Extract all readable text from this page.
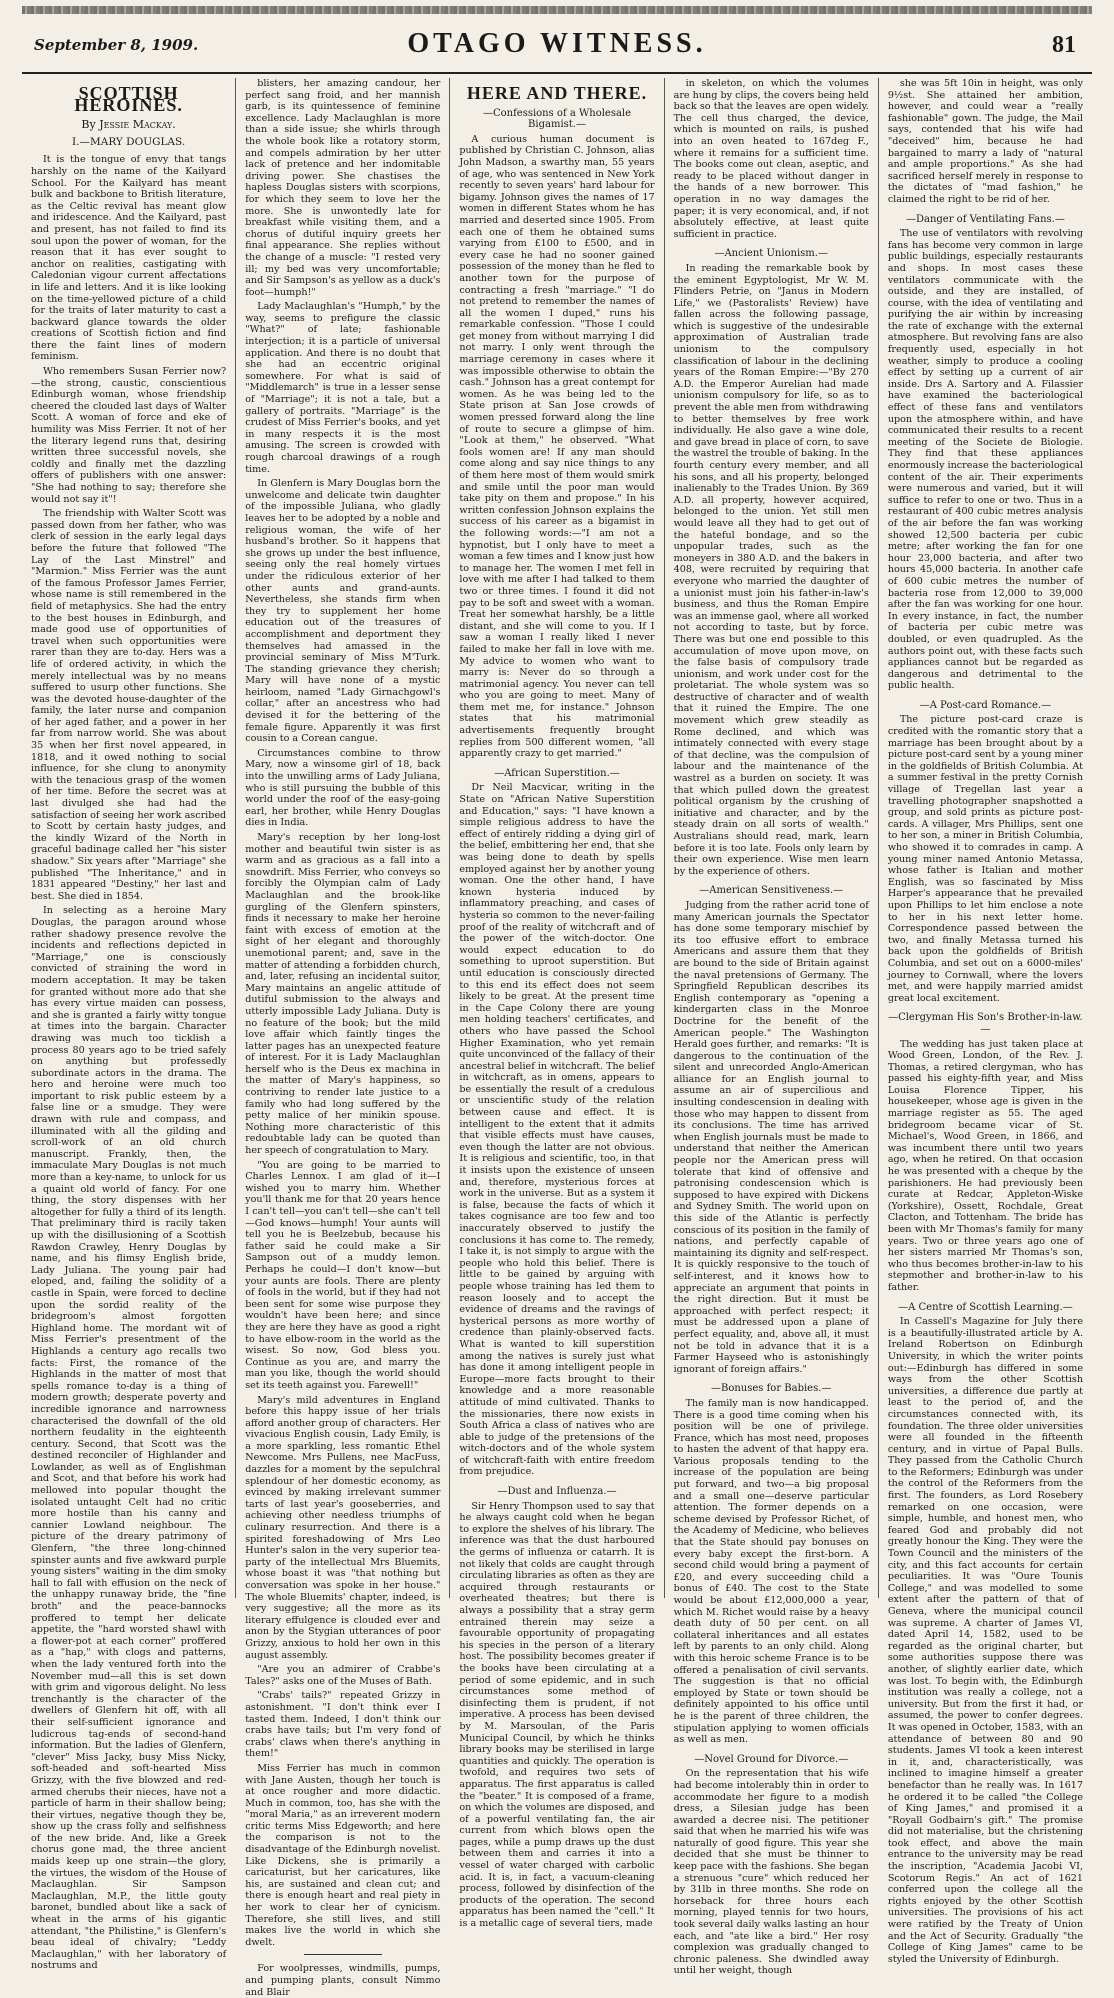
September 8, 1909.	OTAGO WITNESS.	81
SCOTTISH HEROINES.
By Jessie Mackay.
I.—MARY DOUGLAS.

It is the tongue of envy that tangs harshly on the name of the Kailyard School. For the Kailyard has meant bulk and backbone to British literature, as the Celtic revival has meant glow and iridescence. And the Kailyard, past and present, has not failed to find its soul upon the power of woman, for the reason that it has ever sought to anchor on realities, castigating with Caledonian vigour current affectations in life and letters. And it is like looking on the time-yellowed picture of a child for the traits of later maturity to cast a backward glance towards the older creations of Scottish fiction and find there the faint lines of modern feminism.

Who remembers Susan Ferrier now?—the strong, caustic, conscientious Edinburgh woman, whose friendship cheered the clouded last days of Walter Scott. A woman of force and eke of humility was Miss Ferrier. It not of her the literary legend runs that, desiring written three successful novels, she coldly and finally met the dazzling offers of publishers with one answer: "She had nothing to say; therefore she would not say it"!

The friendship with Walter Scott was passed down from her father, who was clerk of session in the early legal days before the future that followed "The Lay of the Last Minstrel" and "Marmion." Miss Ferrier was the aunt of the famous Professor James Ferrier, whose name is still remembered in the field of metaphysics. She had the entry to the best houses in Edinburgh, and made good use of opportunities of travel when such opportunities were rarer than they are to-day. Hers was a life of ordered activity, in which the merely intellectual was by no means suffered to usurp other functions. She was the devoted house-daughter of the family, the later nurse and companion of her aged father, and a power in her far from narrow world. She was about 35 when her first novel appeared, in 1818, and it owed nothing to social influence, for she clung to anonymity with the tenacious grasp of the women of her time. Before the secret was at last divulged she had had the satisfaction of seeing her work ascribed to Scott by certain hasty judges, and the kindly Wizard of the North in graceful badinage called her "his sister shadow." Six years after "Marriage" she published "The Inheritance," and in 1831 appeared "Destiny," her last and best. She died in 1854.

In selecting as a heroine Mary Douglas, the paragon around whose rather shadowy presence revolve the incidents and reflections depicted in "Marriage," one is consciously convicted of straining the word in modern acceptation. It may be taken for granted without more ado that she has every virtue maiden can possess, and she is granted a fairly witty tongue at times into the bargain. Character drawing was much too ticklish a process 80 years ago to be tried safely on anything but professedly subordinate actors in the drama. The hero and heroine were much too important to risk public esteem by a false line or a smudge. They were drawn with rule and compass, and illuminated with all the gilding and scroll-work of an old church manuscript. Frankly, then, the immaculate Mary Douglas is not much more than a key-name, to unlock for us a quaint old world of fancy. For one thing, the story dispenses with her altogether for fully a third of its length. That preliminary third is racily taken up with the disillusioning of a Scottish Rawdon Crawley, Henry Douglas by name, and his flimsy English bride, Lady Juliana. The young pair had eloped, and, failing the solidity of a castle in Spain, were forced to decline upon the sordid reality of the bridegroom's almost forgotten Highland home. The mordant wit of Miss Ferrier's presentment of the Highlands a century ago recalls two facts: First, the romance of the Highlands in the matter of most that spells romance to-day is a thing of modern growth; desperate poverty and incredible ignorance and narrowness characterised the downfall of the old northern feudality in the eighteenth century. Second, that Scott was the destined reconciler of Highlander and Lowlander, as well as of Englishman and Scot, and that before his work had mellowed into popular thought the isolated untaught Celt had no critic more hostile than his canny and cannier Lowland neighbour. The picture of the dreary patrimony of Glenfern, "the three long-chinned spinster aunts and five awkward purple young sisters" waiting in the dim smoky hall to fall with effusion on the neck of the unhappy runaway bride, the "fine broth" and the peace-bannocks proffered to tempt her delicate appetite, the "hard worsted shawl with a flower-pot at each corner" proffered as a "hap," with clogs and patterns, when the lady ventured forth into the November mud—all this is set down with grim and vigorous delight. No less trenchantly is the character of the dwellers of Glenfern hit off, with all their self-sufficient ignorance and ludicrous tag-ends of second-hand information. But the ladies of Glenfern, "clever" Miss Jacky, busy Miss Nicky, soft-headed and soft-hearted Miss Grizzy, with the five blowzed and red-armed cherubs their nieces, have not a particle of harm in their shallow being; their virtues, negative though they be, show up the crass folly and selfishness of the new bride. And, like a Greek chorus gone mad, the three ancient maids keep up one strain—the glory, the virtues, the wisdom of the House of Maclaughlan. Sir Sampson Maclaughlan, M.P., the little gouty baronet, bundled about like a sack of wheat in the arms of his gigantic attendant, "the Philistine," is Glenfern's beau ideal of chivalry; "Leddy Maclaughlan," with her laboratory of nostrums and

blisters, her amazing candour, her perfect sang froid, and her mannish garb, is its quintessence of feminine excellence. Lady Maclaughlan is more than a side issue; she whirls through the whole book like a rotatory storm, and compels admiration by her utter lack of pretence and her indomitable driving power. She chastises the hapless Douglas sisters with scorpions, for which they seem to love her the more. She is unwontedly late for breakfast while visiting them, and a chorus of dutiful inquiry greets her final appearance. She replies without the change of a muscle: "I rested very ill; my bed was very uncomfortable; and Sir Sampson's as yellow as a duck's foot—humph!"

Lady Maclaughlan's "Humph," by the way, seems to prefigure the classic "What?" of late; fashionable interjection; it is a particle of universal application. And there is no doubt that she had an eccentric original somewhere. For what is said of "Middlemarch" is true in a lesser sense of "Marriage"; it is not a tale, but a gallery of portraits. "Marriage" is the crudest of Miss Ferrier's books, and yet in many respects it is the most amusing. The screen is crowded with rough charcoal drawings of a rough time.

In Glenfern is Mary Douglas born the unwelcome and delicate twin daughter of the impossible Juliana, who gladly leaves her to be adopted by a noble and religious woman, the wife of her husband's brother. So it happens that she grows up under the best influence, seeing only the real homely virtues under the ridiculous exterior of her other aunts and grand-aunts. Nevertheless, she stands firm when they try to supplement her home education out of the treasures of accomplishment and deportment they themselves had amassed in the provincial seminary of Miss M'Turk. The standing grievance they cherish; Mary will have none of a mystic heirloom, named "Lady Girnachgowl's collar," after an ancestress who had devised it for the bettering of the female figure. Apparently it was first cousin to a Corean cangue.

Circumstances combine to throw Mary, now a winsome girl of 18, back into the unwilling arms of Lady Juliana, who is still pursuing the bubble of this world under the roof of the easy-going earl, her brother, while Henry Douglas dies in India.

Mary's reception by her long-lost mother and beautiful twin sister is as warm and as gracious as a fall into a snowdrift. Miss Ferrier, who conveys so forcibly the Olympian calm of Lady Maclaughlan and the brook-like gurgling of the Glenfern spinsters, finds it necessary to make her heroine faint with excess of emotion at the sight of her elegant and thoroughly unemotional parent; and, save in the matter of attending a forbidden church, and, later, refusing an incidental suitor, Mary maintains an angelic attitude of dutiful submission to the always and utterly impossible Lady Juliana. Duty is no feature of the book; but the mild love affair which faintly tinges the latter pages has an unexpected feature of interest. For it is Lady Maclaughlan herself who is the Deus ex machina in the matter of Mary's happiness, so contriving to render late justice to a family who had long suffered by the petty malice of her minikin spouse. Nothing more characteristic of this redoubtable lady can be quoted than her speech of congratulation to Mary.

"You are going to be married to Charles Lennox. I am glad of it—I wished you to marry him. Whether you'll thank me for that 20 years hence I can't tell—you can't tell—she can't tell—God knows—humph! Your aunts will tell you he is Beelzebub, because his father said he could make a Sir Sampson out of a muddy lemon. Perhaps he could—I don't know—but your aunts are fools. There are plenty of fools in the world, but if they had not been sent for some wise purpose they wouldn't have been here; and since they are here they have as good a right to have elbow-room in the world as the wisest. So now, God bless you. Continue as you are, and marry the man you like, though the world should set its teeth against you. Farewell!"

Mary's mild adventures in England before this happy issue of her trials afford another group of characters. Her vivacious English cousin, Lady Emily, is a more sparkling, less romantic Ethel Newcome. Mrs Pullens, nee MacFuss, dazzles for a moment by the sepulchral splendour of her domestic economy, as evinced by making irrelevant summer tarts of last year's gooseberries, and achieving other needless triumphs of culinary resurrection. And there is a spirited foreshadowing of Mrs Leo Hunter's salon in the very superior tea-party of the intellectual Mrs Bluemits, whose boast it was "that nothing but conversation was spoke in her house." The whole Bluemits' chapter, indeed, is very suggestive; all the more as its literary effulgence is clouded ever and anon by the Stygian utterances of poor Grizzy, anxious to hold her own in this august assembly.

"Are you an admirer of Crabbe's Tales?" asks one of the Muses of Bath.

"Crabs' tails?" repeated Grizzy in astonishment. "I don't think ever I tasted them. Indeed, I don't think our crabs have tails; but I'm very fond of crabs' claws when there's anything in them!"

Miss Ferrier has much in common with Jane Austen, though her touch is at once rougher and more didactic. Much in common, too, has she with the "moral Maria," as an irreverent modern critic terms Miss Edgeworth; and here the comparison is not to the disadvantage of the Edinburgh novelist. Like Dickens, she is primarily a caricaturist, but her caricatures, like his, are sustained and clean cut; and there is enough heart and real piety in her work to clear her of cynicism. Therefore, she still lives, and still makes live the world in which she dwelt.

For woolpresses, windmills, pumps, and pumping plants, consult Nimmo and Blair

HERE AND THERE.
— Confessions of a Wholesale Bigamist. —

A curious human document is published by Christian C. Johnson, alias John Madson, a swarthy man, 55 years of age, who was sentenced in New York recently to seven years' hard labour for bigamy. Johnson gives the names of 17 women in different States whom he has married and deserted since 1905. From each one of them he obtained sums varying from £100 to £500, and in every case he had no sooner gained possession of the money than he fled to another town for the purpose of contracting a fresh "marriage." "I do not pretend to remember the names of all the women I duped," runs his remarkable confession. "Those I could get money from without marrying I did not marry. I only went through the marriage ceremony in cases where it was impossible otherwise to obtain the cash." Johnson has a great contempt for women. As he was being led to the State prison at San Jose crowds of women pressed forward along the line of route to secure a glimpse of him. "Look at them," he observed. "What fools women are! If any man should come along and say nice things to any of them here most of them would smirk and smile until the poor man would take pity on them and propose." In his written confession Johnson explains the success of his career as a bigamist in the following words:—"I am not a hypnotist, but I only have to meet a woman a few times and I know just how to manage her. The women I met fell in love with me after I had talked to them two or three times. I found it did not pay to be soft and sweet with a woman. Treat her somewhat harshly, be a little distant, and she will come to you. If I saw a woman I really liked I never failed to make her fall in love with me. My advice to women who want to marry is: Never do so through a matrimonial agency. You never can tell who you are going to meet. Many of them met me, for instance." Johnson states that his matrimonial advertisements frequently brought replies from 500 different women, "all apparently crazy to get married."

— African Superstition. —

Dr Neil Macvicar, writing in the State on "African Native Superstition and Education," says: "I have known a simple religious address to have the effect of entirely ridding a dying girl of the belief, embittering her end, that she was being done to death by spells employed against her by another young woman. One the other hand, I have known hysteria induced by inflammatory preaching, and cases of hysteria so common to the never-failing proof of the reality of witchcraft and of the power of the witch-doctor. One would expect education to do something to uproot superstition. But until education is consciously directed to this end its effect does not seem likely to be great. At the present time in the Cape Colony there are young men holding teachers' certificates, and others who have passed the School Higher Examination, who yet remain quite unconvinced of the fallacy of their ancestral belief in witchcraft. The belief in witchcraft, as in omens, appears to be essentially the result of a credulous or unscientific study of the relation between cause and effect. It is intelligent to the extent that it admits that visible effects must have causes, even though the latter are not obvious. It is religious and scientific, too, in that it insists upon the existence of unseen and, therefore, mysterious forces at work in the universe. But as a system it is false, because the facts of which it takes cognisance are too few and too inaccurately observed to justify the conclusions it has come to. The remedy, I take it, is not simply to argue with the people who hold this belief. There is little to be gained by arguing with people whose training has led them to reason loosely and to accept the evidence of dreams and the ravings of hysterical persons as more worthy of credence than plainly-observed facts. What is wanted to kill superstition among the natives is surely just what has done it among intelligent people in Europe—more facts brought to their knowledge and a more reasonable attitude of mind cultivated. Thanks to the missionaries, there now exists in South Africa a class of natives who are able to judge of the pretensions of the witch-doctors and of the whole system of witchcraft-faith with entire freedom from prejudice.

— Dust and Influenza. —

Sir Henry Thompson used to say that he always caught cold when he began to explore the shelves of his library. The inference was that the dust harboured the germs of influenza or catarrh. It is not likely that colds are caught through circulating libraries as often as they are acquired through restaurants or overheated theatres; but there is always a possibility that a stray germ entrained therein may seize a favourable opportunity of propagating his species in the person of a literary host. The possibility becomes greater if the books have been circulating at a period of some epidemic, and in such circumstances some method of disinfecting them is prudent, if not imperative. A process has been devised by M. Marsoulan, of the Paris Municipal Council, by which he thinks library books may be sterilised in large quantities and quickly. The operation is twofold, and requires two sets of apparatus. The first apparatus is called the "beater." It is composed of a frame, on which the volumes are disposed, and of a powerful ventilating fan, the air current from which blows open the pages, while a pump draws up the dust between them and carries it into a vessel of water charged with carbolic acid. It is, in fact, a vacuum-cleaning process, followed by disinfection of the products of the operation. The second apparatus has been named the "cell." It is a metallic cage of several tiers, made

in skeleton, on which the volumes are hung by clips, the covers being held back so that the leaves are open widely. The cell thus charged, the device, which is mounted on rails, is pushed into an oven heated to 167deg F., where it remains for a sufficient time. The books come out clean, aseptic, and ready to be placed without danger in the hands of a new borrower. This operation in no way damages the paper; it is very economical, and, if not absolutely effective, at least quite sufficient in practice.

— Ancient Unionism. —

In reading the remarkable book by the eminent Egyptologist, Mr W. M. Flinders Petrie, on "Janus in Modern Life," we (Pastoralists' Review) have fallen across the following passage, which is suggestive of the undesirable approximation of Australian trade unionism to the compulsory classification of labour in the declining years of the Roman Empire:—"By 270 A.D. the Emperor Aurelian had made unionism compulsory for life, so as to prevent the able men from withdrawing to better themselves by free work individually. He also gave a wine dole, and gave bread in place of corn, to save the wastrel the trouble of baking. In the fourth century every member, and all his sons, and all his property, belonged inalienably to the Trades Union. By 369 A.D. all property, however acquired, belonged to the union. Yet still men would leave all they had to get out of the hateful bondage, and so the unpopular trades, such as the moneyers in 380 A.D. and the bakers in 408, were recruited by requiring that everyone who married the daughter of a unionist must join his father-in-law's business, and thus the Roman Empire was an immense gaol, where all worked not according to taste, but by force. There was but one end possible to this accumulation of move upon move, on the false basis of compulsory trade unionism, and work under cost for the proletariat. The whole system was so destructive of character and of wealth that it ruined the Empire. The one movement which grew steadily as Rome declined, and which was intimately connected with every stage of that decline, was the compulsion of labour and the maintenance of the wastrel as a burden on society. It was that which pulled down the greatest political organism by the crushing of initiative and character, and by the steady drain on all sorts of wealth." Australians should read, mark, learn before it is too late. Fools only learn by their own experience. Wise men learn by the experience of others.

— American Sensitiveness. —

Judging from the rather acrid tone of many American journals the Spectator has done some temporary mischief by its too effusive effort to embrace Americans and assure them that they are bound to the side of Britain against the naval pretensions of Germany. The Springfield Republican describes its English contemporary as "opening a kindergarten class in the Monroe Doctrine for the benefit of the American people." The Washington Herald goes further, and remarks: "It is dangerous to the continuation of the silent and unrecorded Anglo-American alliance for an English journal to assume an air of supercilious and insulting condescension in dealing with those who may happen to dissent from its conclusions. The time has arrived when English journals must be made to understand that neither the American people nor the American press will tolerate that kind of offensive and patronising condescension which is supposed to have expired with Dickens and Sydney Smith. The world upon on this side of the Atlantic is perfectly conscious of its position in the family of nations, and perfectly capable of maintaining its dignity and self-respect. It is quickly responsive to the touch of self-interest, and it knows how to appreciate an argument that points in the right direction. But it must be approached with perfect respect; it must be addressed upon a plane of perfect equality, and, above all, it must not be told in advance that it is a Farmer Hayseed who is astonishingly ignorant of foreign affairs."

— Bonuses for Babies. —

The family man is now handicapped. There is a good time coming when his position will be one of privilege. France, which has most need, proposes to hasten the advent of that happy era. Various proposals tending to the increase of the population are being put forward, and two—a big proposal and a small one—deserve particular attention. The former depends on a scheme devised by Professor Richet, of the Academy of Medicine, who believes that the State should pay bonuses on every baby except the first-born. A second child would bring a payment of £20, and every succeeding child a bonus of £40. The cost to the State would be about £12,000,000 a year, which M. Richet would raise by a heavy death duty of 50 per cent. on all collateral inheritances and all estates left by parents to an only child. Along with this heroic scheme France is to be offered a penalisation of civil servants. The suggestion is that no official employed by State or town should be definitely appointed to his office until he is the parent of three children, the stipulation applying to women officials as well as men.

— Novel Ground for Divorce. —

On the representation that his wife had become intolerably thin in order to accommodate her figure to a modish dress, a Silesian judge has been awarded a decree nisi. The petitioner said that when he married his wife was naturally of good figure. This year she decided that she must be thinner to keep pace with the fashions. She began a strenuous "cure" which reduced her by 31lb in three months. She rode on horseback for three hours each morning, played tennis for two hours, took several daily walks lasting an hour each, and "ate like a bird." Her rosy complexion was gradually changed to chronic paleness. She dwindled away until her weight, though

she was 5ft 10in in height, was only 9½st. She attained her ambition, however, and could wear a "really fashionable" gown. The judge, the Mail says, contended that his wife had "deceived" him, because he had bargained to marry a lady of "natural and ample proportions." As she had sacrificed herself merely in response to the dictates of "mad fashion," he claimed the right to be rid of her.

— Danger of Ventilating Fans. —

The use of ventilators with revolving fans has become very common in large public buildings, especially restaurants and shops. In most cases these ventilators communicate with the outside, and they are installed, of course, with the idea of ventilating and purifying the air within by increasing the rate of exchange with the external atmosphere. But revolving fans are also frequently used, especially in hot weather, simply to produce a cooling effect by setting up a current of air inside. Drs A. Sartory and A. Filassier have examined the bacteriological effect of these fans and ventilators upon the atmosphere within, and have communicated their results to a recent meeting of the Societe de Biologie. They find that these appliances enormously increase the bacteriological content of the air. Their experiments were numerous and varied, but it will suffice to refer to one or two. Thus in a restaurant of 400 cubic metres analysis of the air before the fan was working showed 12,500 bacteria per cubic metre; after working the fan for one hour 23,000 bacteria, and after two hours 45,000 bacteria. In another cafe of 600 cubic metres the number of bacteria rose from 12,000 to 39,000 after the fan was working for one hour. In every instance, in fact, the number of bacteria per cubic metre was doubled, or even quadrupled. As the authors point out, with these facts such appliances cannot but be regarded as dangerous and detrimental to the public health.

— A Post-card Romance. —

The picture post-card craze is credited with the romantic story that a marriage has been brought about by a picture post-card sent by a young miner in the goldfields of British Columbia. At a summer festival in the pretty Cornish village of Tregellan last year a travelling photographer snapshotted a group, and sold prints as picture post-cards. A villager, Mrs Phillips, sent one to her son, a miner in British Columbia, who showed it to comrades in camp. A young miner named Antonio Metassa, whose father is Italian and mother English, was so fascinated by Miss Harper's appearance that he prevailed upon Phillips to let him enclose a note to her in his next letter home. Correspondence passed between the two, and finally Metassa turned his back upon the goldfields of British Columbia, and set out on a 6000-miles' journey to Cornwall, where the lovers met, and were happily married amidst great local excitement.

— Clergyman His Son's Brother-in-law. —

The wedding has just taken place at Wood Green, London, of the Rev. J. Thomas, a retired clergyman, who has passed his eighty-fifth year, and Miss Louisa Florence Tipper, his housekeeper, whose age is given in the marriage register as 55. The aged bridegroom became vicar of St. Michael's, Wood Green, in 1866, and was incumbent there until two years ago, when he retired. On that occasion he was presented with a cheque by the parishioners. He had previously been curate at Redcar, Appleton-Wiske (Yorkshire), Ossett, Rochdale, Great Clacton, and Tottenham. The bride has been with Mr Thomas's family for many years. Two or three years ago one of her sisters married Mr Thomas's son, who thus becomes brother-in-law to his stepmother and brother-in-law to his father.

— A Centre of Scottish Learning. —

In Cassell's Magazine for July there is a beautifully-illustrated article by A. Ireland Robertson on Edinburgh University, in which the writer points out:—Edinburgh has differed in some ways from the other Scottish universities, a difference due partly at least to the period of, and the circumstances connected with, its foundation. The three older universities were all founded in the fifteenth century, and in virtue of Papal Bulls. They passed from the Catholic Church to the Reformers; Edinburgh was under the control of the Reformers from the first. The founders, as Lord Rosebery remarked on one occasion, were simple, humble, and honest men, who feared God and probably did not greatly honour the King. They were the Town Council and the ministers of the city, and this fact accounts for certain peculiarities. It was "Oure Tounis College," and was modelled to some extent after the pattern of that of Geneva, where the municipal council was supreme. A charter of James VI, dated April 14, 1582, used to be regarded as the original charter, but some authorities suppose there was another, of slightly earlier date, which was lost. To begin with, the Edinburgh institution was really a college, not a university. But from the first it had, or assumed, the power to confer degrees. It was opened in October, 1583, with an attendance of between 80 and 90 students. James VI took a keen interest in it, and, characteristically, was inclined to imagine himself a greater benefactor than he really was. In 1617 he ordered it to be called "the College of King James," and promised it a "Royall Godbairn's gift." The promise did not materialise, but the christening took effect, and above the main entrance to the university may be read the inscription, "Academia Jacobi VI, Scotorum Regis." An act of 1621 conferred upon the college all the rights enjoyed by the other Scottish universities. The provisions of his act were ratified by the Treaty of Union and the Act of Security. Gradually "the College of King James" came to be styled the University of Edinburgh.
